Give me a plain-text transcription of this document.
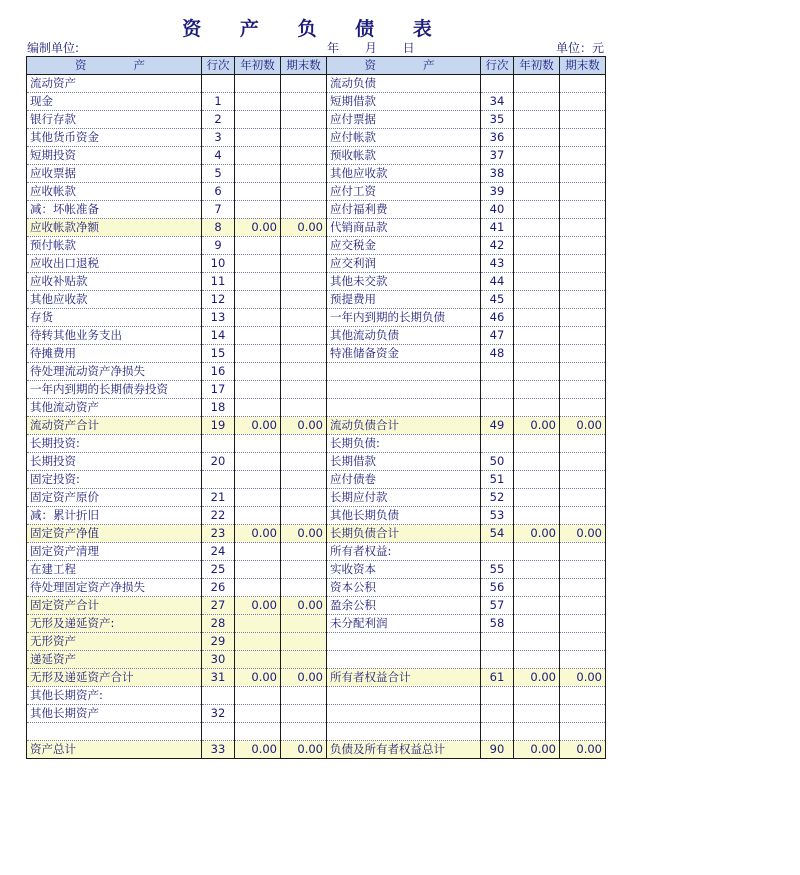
资 产 负 债 表
编制单位:	年 月 日	单位：元
资　　产	行次	年初数	期末数	资　　产	行次	年初数	期末数
流动资产				流动负债			
现金	1			短期借款	34		
银行存款	2			应付票据	35		
其他货币资金	3			应付帐款	36		
短期投资	4			预收帐款	37		
应收票据	5			其他应收款	38		
应收帐款	6			应付工资	39		
减：坏帐准备	7			应付福利费	40		
应收帐款净额	8	0.00	0.00	代销商品款	41		
预付帐款	9			应交税金	42		
应收出口退税	10			应交利润	43		
应收补贴款	11			其他未交款	44		
其他应收款	12			预提费用	45		
存货	13			一年内到期的长期负债	46		
待转其他业务支出	14			其他流动负债	47		
待摊费用	15			特准储备资金	48		
待处理流动资产净损失	16						
一年内到期的长期债券投资	17						
其他流动资产	18						
流动资产合计	19	0.00	0.00	流动负债合计	49	0.00	0.00
长期投资:				长期负债:			
长期投资	20			长期借款	50		
固定投资:				应付债卷	51		
固定资产原价	21			长期应付款	52		
减：累计折旧	22			其他长期负债	53		
固定资产净值	23	0.00	0.00	长期负债合计	54	0.00	0.00
固定资产清理	24			所有者权益:			
在建工程	25			实收资本	55		
待处理固定资产净损失	26			资本公积	56		
固定资产合计	27	0.00	0.00	盈余公积	57		
无形及递延资产:	28			未分配利润	58		
无形资产	29						
递延资产	30						
无形及递延资产合计	31	0.00	0.00	所有者权益合计	61	0.00	0.00
其他长期资产:							
其他长期资产	32						

资产总计	33	0.00	0.00	负债及所有者权益总计	90	0.00	0.00
